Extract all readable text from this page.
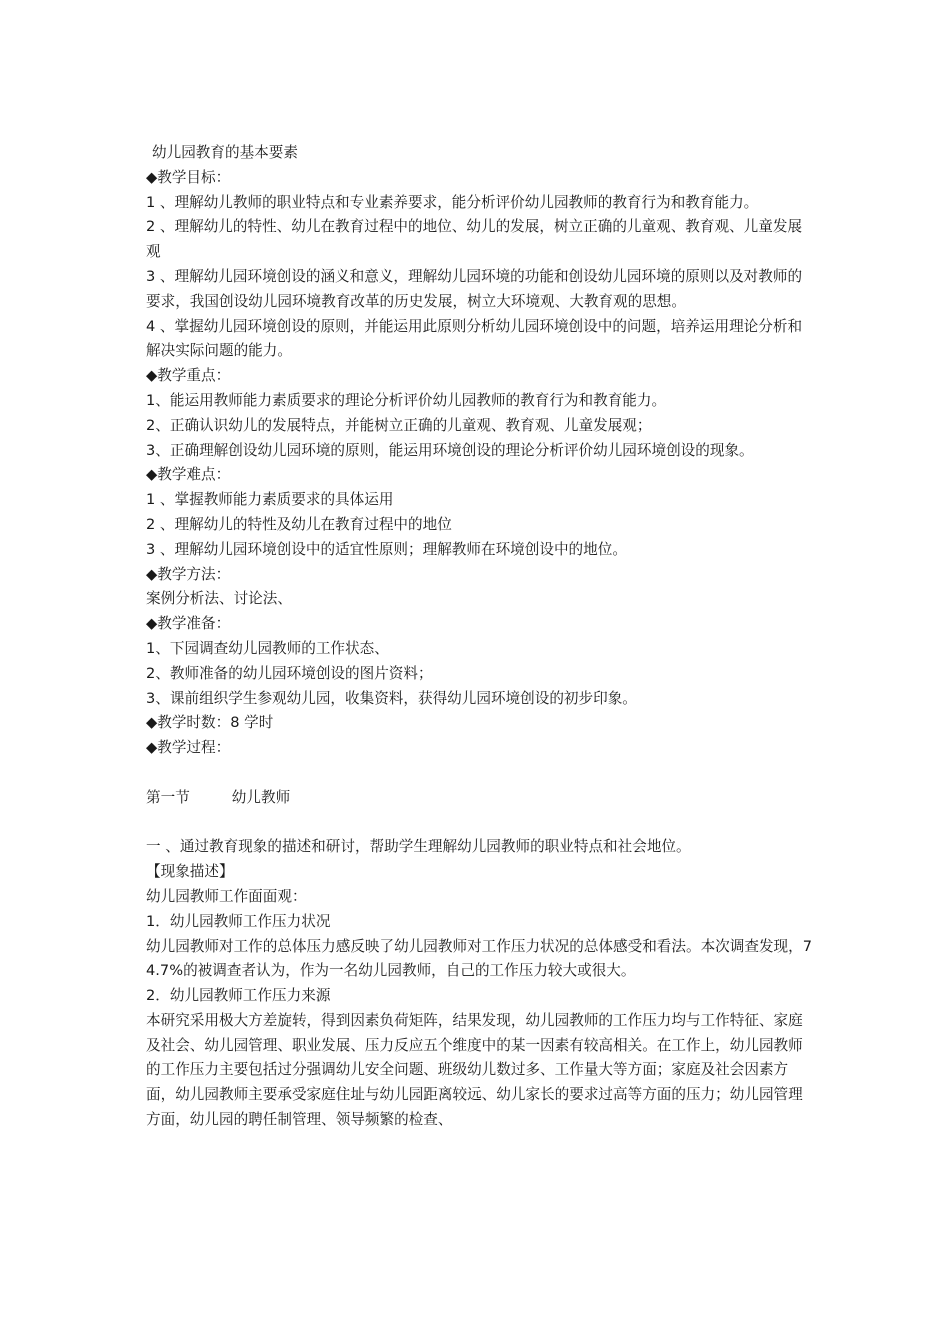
幼儿园教育的基本要素
◆教学目标：
1 、理解幼儿教师的职业特点和专业素养要求，能分析评价幼儿园教师的教育行为和教育能力。
2 、理解幼儿的特性、幼儿在教育过程中的地位、幼儿的发展，树立正确的儿童观、教育观、儿童发展观
3 、理解幼儿园环境创设的涵义和意义，理解幼儿园环境的功能和创设幼儿园环境的原则以及对教师的要求，我国创设幼儿园环境教育改革的历史发展，树立大环境观、大教育观的思想。
4 、掌握幼儿园环境创设的原则，并能运用此原则分析幼儿园环境创设中的问题，培养运用理论分析和解决实际问题的能力。
◆教学重点：
1、能运用教师能力素质要求的理论分析评价幼儿园教师的教育行为和教育能力。
2、正确认识幼儿的发展特点，并能树立正确的儿童观、教育观、儿童发展观；
3、正确理解创设幼儿园环境的原则，能运用环境创设的理论分析评价幼儿园环境创设的现象。
◆教学难点：
1 、掌握教师能力素质要求的具体运用
2 、理解幼儿的特性及幼儿在教育过程中的地位
3 、理解幼儿园环境创设中的适宜性原则；理解教师在环境创设中的地位。
◆教学方法：
案例分析法、讨论法、
◆教学准备：
1、下园调查幼儿园教师的工作状态、
2、教师准备的幼儿园环境创设的图片资料；
3、课前组织学生参观幼儿园，收集资料，获得幼儿园环境创设的初步印象。
◆教学时数：8 学时
◆教学过程：
第一节	幼儿教师
一 、通过教育现象的描述和研讨，帮助学生理解幼儿园教师的职业特点和社会地位。
【现象描述】
幼儿园教师工作面面观：
1．幼儿园教师工作压力状况
幼儿园教师对工作的总体压力感反映了幼儿园教师对工作压力状况的总体感受和看法。本次调查发现，74.7%的被调查者认为，作为一名幼儿园教师，自己的工作压力较大或很大。
2．幼儿园教师工作压力来源
本研究采用极大方差旋转，得到因素负荷矩阵，结果发现，幼儿园教师的工作压力均与工作特征、家庭及社会、幼儿园管理、职业发展、压力反应五个维度中的某一因素有较高相关。在工作上，幼儿园教师的工作压力主要包括过分强调幼儿安全问题、班级幼儿数过多、工作量大等方面；家庭及社会因素方面，幼儿园教师主要承受家庭住址与幼儿园距离较远、幼儿家长的要求过高等方面的压力；幼儿园管理方面，幼儿园的聘任制管理、领导频繁的检查、
